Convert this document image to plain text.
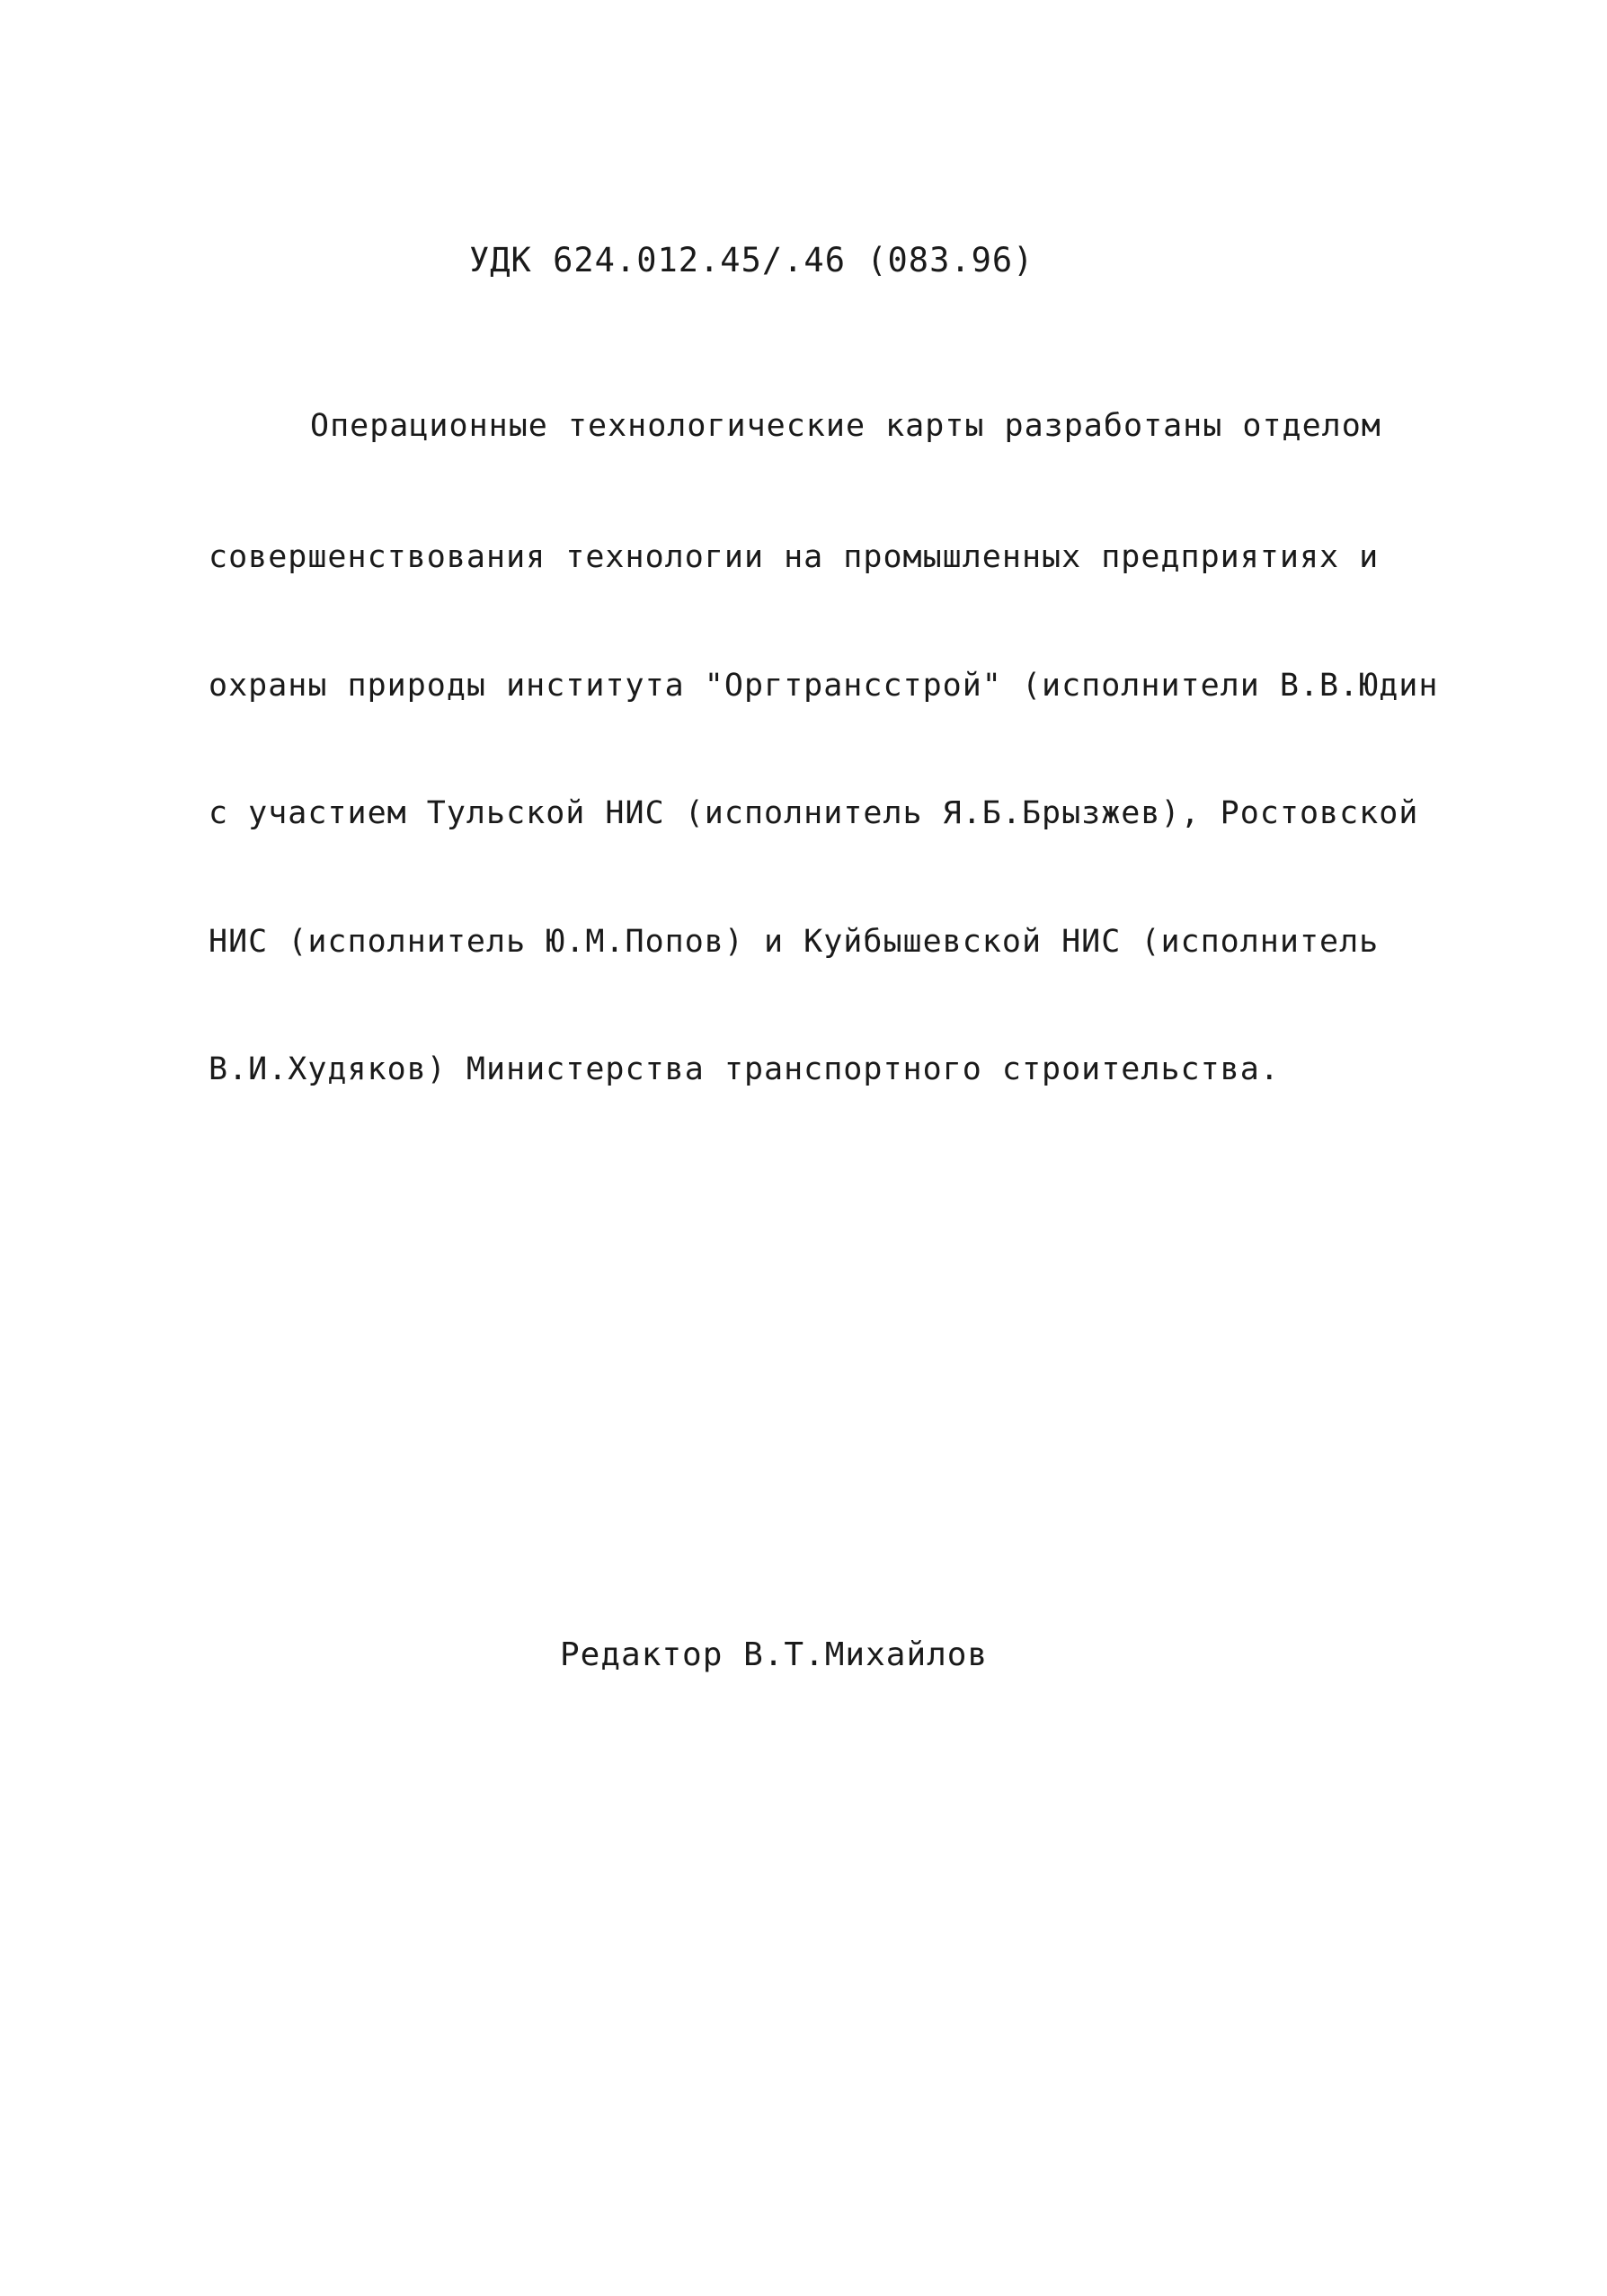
УДК 624.012.45/.46 (083.96)
Операционные технологические карты разработаны отделом
совершенствования технологии на промышленных предприятиях и
охраны природы института "Оргтрансстрой" (исполнители В.В.Юдин
с участием Тульской НИС (исполнитель Я.Б.Брызжев), Ростовской
НИС (исполнитель Ю.М.Попов) и Куйбышевской НИС (исполнитель
В.И.Худяков) Министерства транспортного строительства.
Редактор В.Т.Михайлов
